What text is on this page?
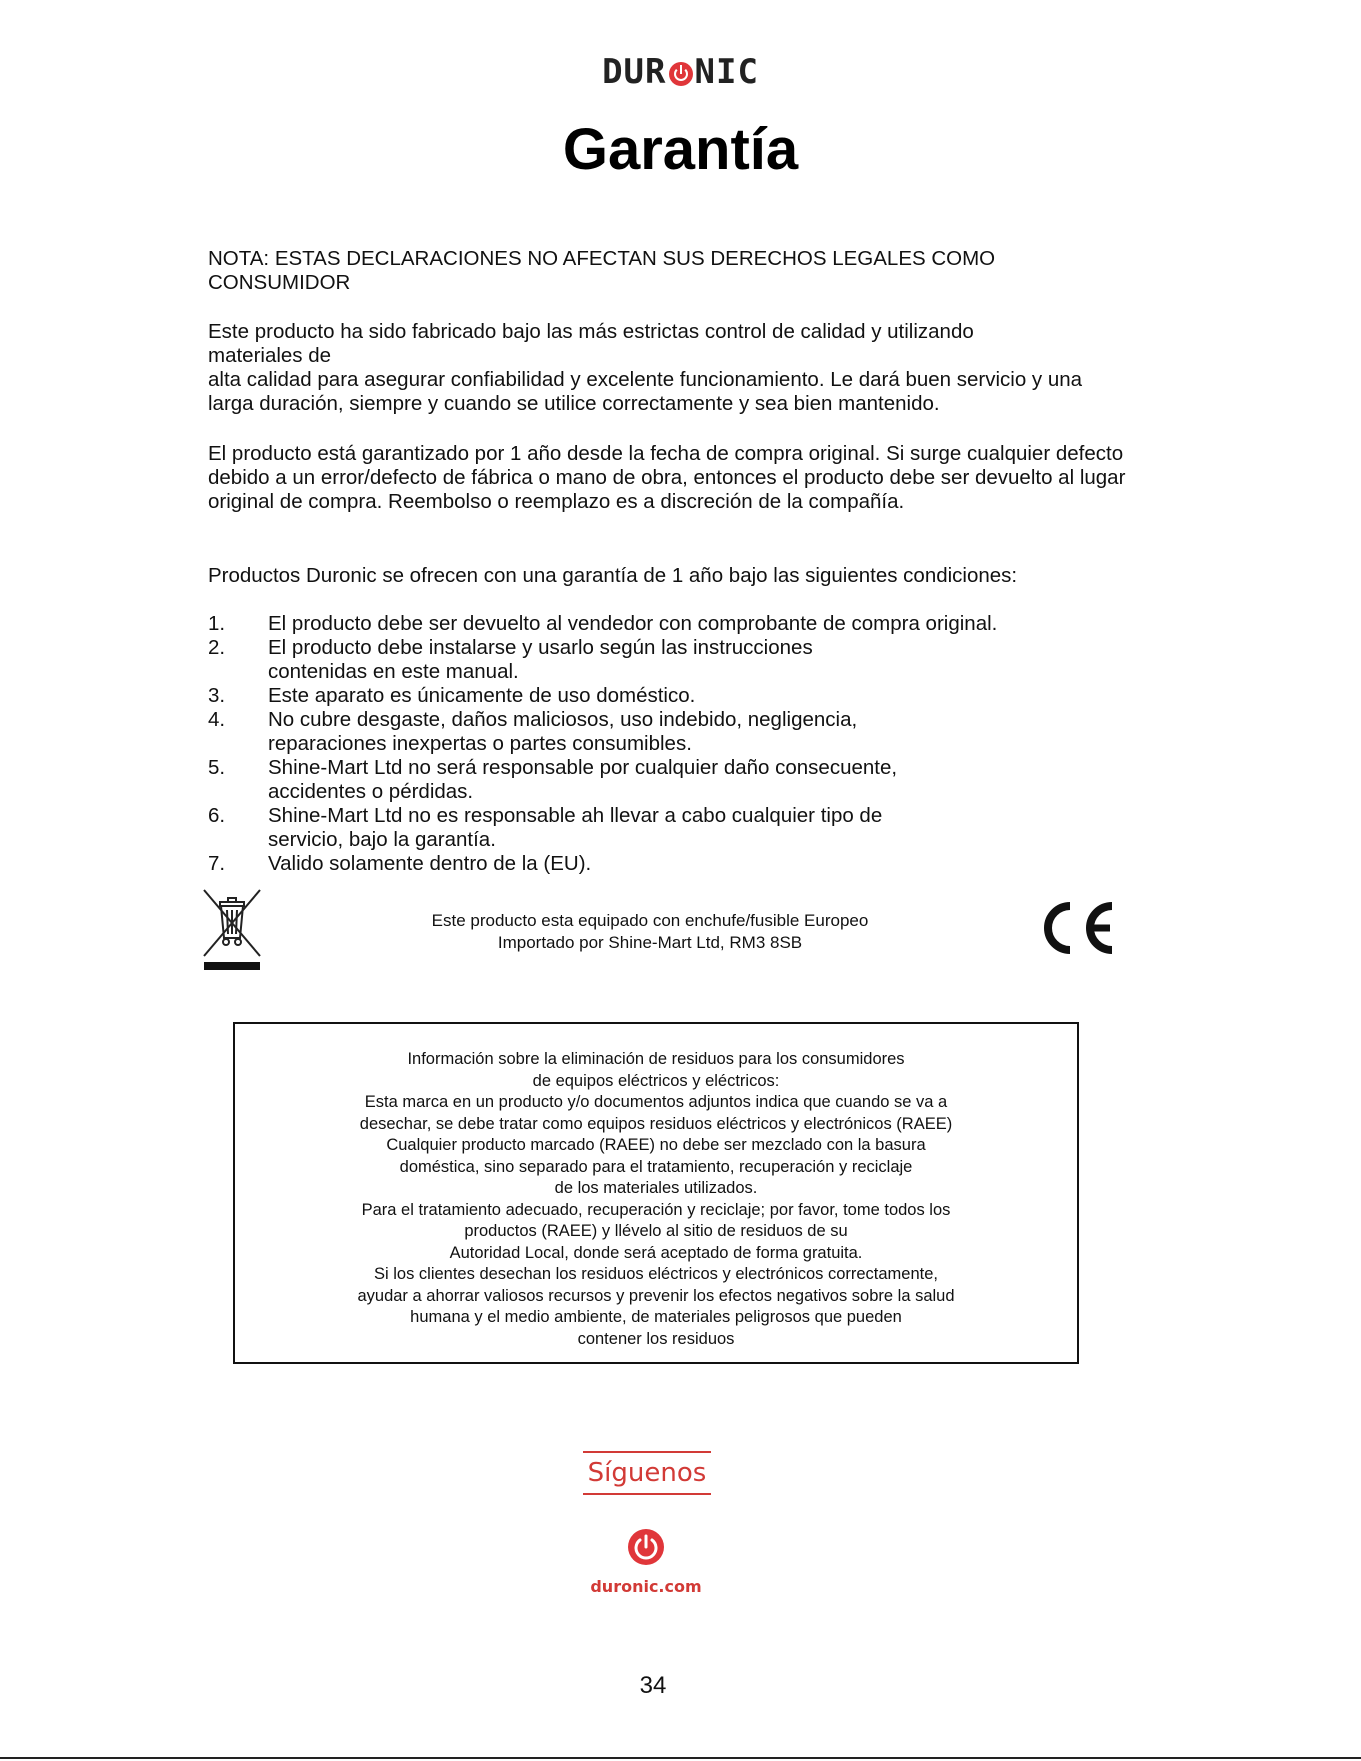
DUR NIC
Garantía
NOTA: ESTAS DECLARACIONES NO AFECTAN SUS DERECHOS LEGALES COMO CONSUMIDOR

Este producto ha sido fabricado bajo las más estrictas control de calidad y utilizando

materiales de

alta calidad para asegurar confiabilidad y excelente funcionamiento. Le dará buen servicio y una larga duración, siempre y cuando se utilice correctamente y sea bien mantenido.

El producto está garantizado por 1 año desde la fecha de compra original. Si surge cualquier defecto debido a un error/defecto de fábrica o mano de obra, entonces el producto debe ser devuelto al lugar original de compra. Reembolso o reemplazo es a discreción de la compañía.
Productos Duronic se ofrecen con una garantía de 1 año bajo las siguientes condiciones:
1. El producto debe ser devuelto al vendedor con comprobante de compra original.
2. El producto debe instalarse y usarlo según las instrucciones
contenidas en este manual.
3. Este aparato es únicamente de uso doméstico.
4. No cubre desgaste, daños maliciosos, uso indebido, negligencia,
reparaciones inexpertas o partes consumibles.
5. Shine-Mart Ltd no será responsable por cualquier daño consecuente,
accidentes o pérdidas.
6. Shine-Mart Ltd no es responsable ah llevar a cabo cualquier tipo de
servicio, bajo la garantía.
7. Valido solamente dentro de la (EU).
Este producto esta equipado con enchufe/fusible Europeo
Importado por Shine-Mart Ltd, RM3 8SB
Información sobre la eliminación de residuos para los consumidores
de equipos eléctricos y eléctricos:
Esta marca en un producto y/o documentos adjuntos indica que cuando se va a
desechar, se debe tratar como equipos residuos eléctricos y electrónicos (RAEE)
Cualquier producto marcado (RAEE) no debe ser mezclado con la basura
doméstica, sino separado para el tratamiento, recuperación y reciclaje
de los materiales utilizados.
Para el tratamiento adecuado, recuperación y reciclaje; por favor, tome todos los
productos (RAEE) y llévelo al sitio de residuos de su
Autoridad Local, donde será aceptado de forma gratuita.
Si los clientes desechan los residuos eléctricos y electrónicos correctamente,
ayudar a ahorrar valiosos recursos y prevenir los efectos negativos sobre la salud
humana y el medio ambiente, de materiales peligrosos que pueden
contener los residuos
Síguenos
duronic.com
34
